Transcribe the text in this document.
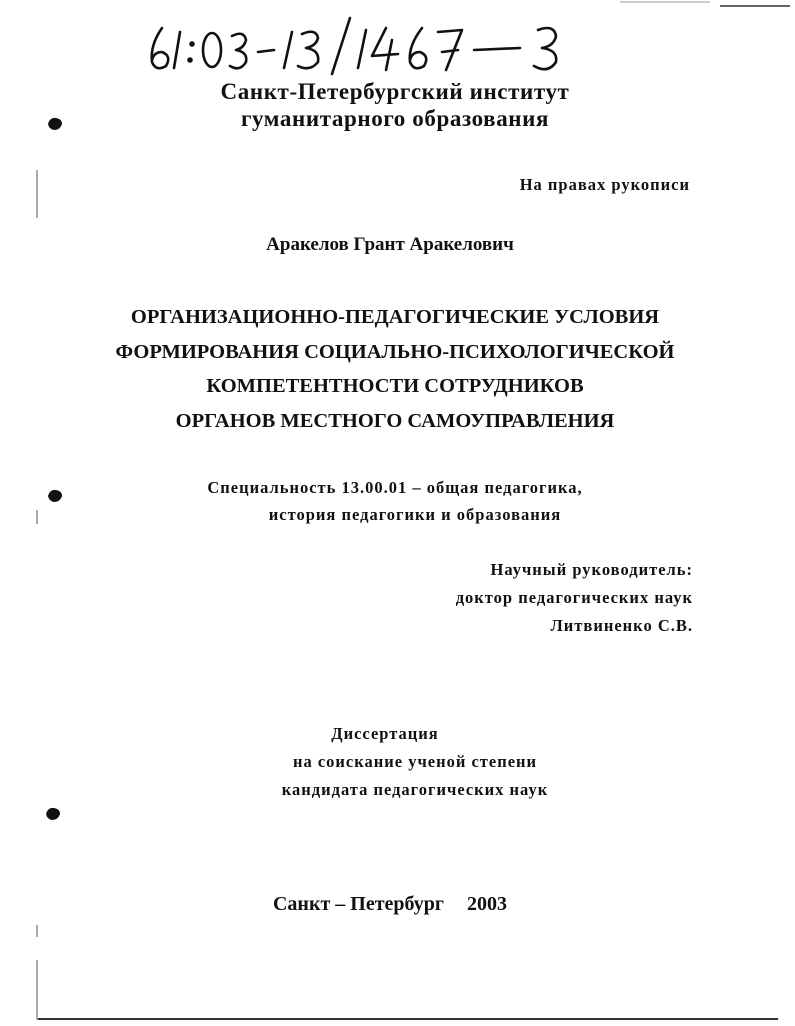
Санкт-Петербургский институт
гуманитарного образования
На правах рукописи
Аракелов Грант Аракелович
ОРГАНИЗАЦИОННО-ПЕДАГОГИЧЕСКИЕ УСЛОВИЯ
ФОРМИРОВАНИЯ СОЦИАЛЬНО-ПСИХОЛОГИЧЕСКОЙ
КОМПЕТЕНТНОСТИ СОТРУДНИКОВ
ОРГАНОВ МЕСТНОГО САМОУПРАВЛЕНИЯ
Специальность 13.00.01 – общая педагогика,
история педагогики и образования
Научный руководитель:
доктор педагогических наук
Литвиненко С.В.
Диссертация
на соискание ученой степени
кандидата педагогических наук
Санкт – Петербург 2003
